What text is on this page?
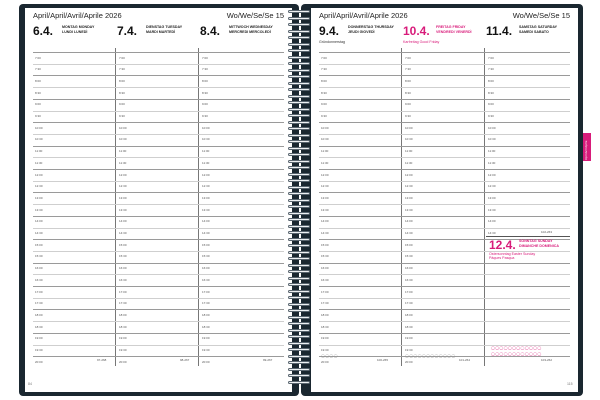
April/April/Avril/Aprile 2026	Wo/We/Se/Se 15
6.4. MONTAG MONDAY
LUNDI LUNEDÌ 7.4. DIENSTAG TUESDAY
MARDI MARTEDÌ 8.4. MITTWOCH WEDNESDAY
MERCREDI MERCOLEDÌ
7:00	7:00	7:00
7:30	7:30	7:30
8:00	8:00	8:00
8:30	8:30	8:30
9:00	9:00	9:00
9:30	9:30	9:30
10:00	10:00	10:00
10:30	10:30	10:30
11:00	11:00	11:00
11:30	11:30	11:30
12:00	12:00	12:00
12:30	12:30	12:30
13:00	13:00	13:00
13:30	13:30	13:30
14:00	14:00	14:00
14:30	14:30	14:30
15:00	15:00	15:00
15:30	15:30	15:30
16:00	16:00	16:00
16:30	16:30	16:30
17:00	17:00	17:00
17:30	17:30	17:30
18:00	18:00	18:00
18:30	18:30	18:30
19:00	19:00	19:00
19:30	19:30	19:30
20:00	20:00	20:00
97-268	98-267	99-267
84
April/April/Avril/Aprile 2026	Wo/We/Se/Se 15
9.4. DONNERSTAG THURSDAY
JEUDI GIOVEDÌ
Gründonnerstag
10.4. FREITAG FRIDAY
VENDREDI VENERDÌ
Karfreitag Good Friday
11.4. SAMSTAG SATURDAY
SAMEDI SABATO
7:00	7:00	7:00
7:30	7:30	7:30
8:00	8:00	8:00
8:30	8:30	8:30
9:00	9:00	9:00
9:30	9:30	9:30
10:00	10:00	10:00
10:30	10:30	10:30
11:00	11:00	11:00
11:30	11:30	11:30
12:00	12:00	12:00
12:30	12:30	12:30
13:00	13:00	13:00
13:30	13:30	13:30
14:00	14:00	14:00
14:30	14:30	14:30
15:00	15:00
15:30	15:30
16:00	16:00
16:30	16:30
17:00	17:00
17:30	17:30
18:00	18:00
18:30	18:30
19:00	19:00
19:30	19:30
20:00	20:00
12.4. SONNTAG SUNDAY
DIMANCHE DOMENICA
Ostersonntag Easter Sunday
Pâques Pasqua
◯◯◯◯	◯◯◯◯◯◯◯◯◯◯◯◯
◯◯◯◯◯◯◯◯◯◯◯◯
◯◯◯◯◯◯◯◯◯◯◯◯
100-265	101-264
102-263
103-262
115
April Avril Aprile
